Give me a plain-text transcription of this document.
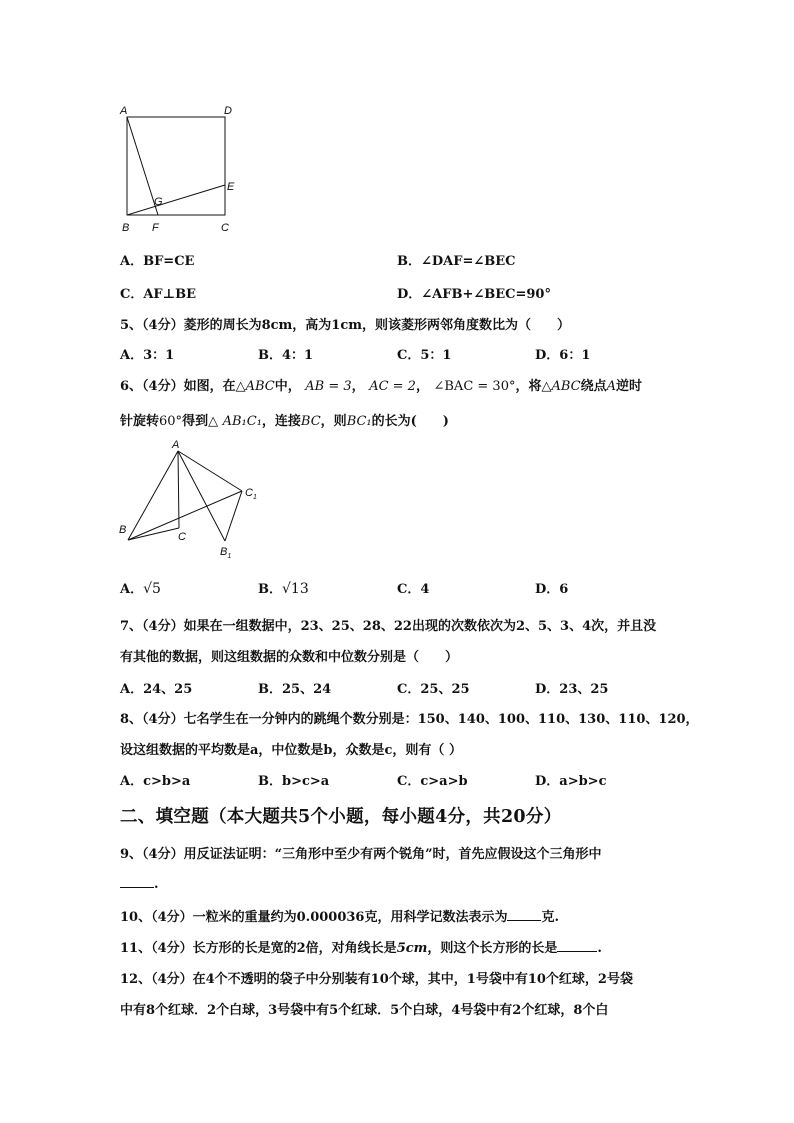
A	D
E
G
B F	C
A．BF=CE	B．∠DAF=∠BEC
C．AF⊥BE	D．∠AFB+∠BEC=90°
5、（4分）菱形的周长为8cm，高为1cm，则该菱形两邻角度数比为（　　）
A．3：1	B．4：1	C．5：1	D．6：1
6、（4分）如图，在△ABC中， AB = 3， AC = 2， ∠BAC = 30°，将△ABC绕点A逆时
针旋转60°得到△ AB₁C₁，连接BC，则BC₁的长为(　　)
A
$C_1$
B
C
$B_1$
A．√5	B．√13	C．4	D．6
7、（4分）如果在一组数据中，23、25、28、22出现的次数依次为2、5、3、4次，并且没
有其他的数据，则这组数据的众数和中位数分别是（　　）
A．24、25	B．25、24	C．25、25	D．23、25
8、（4分）七名学生在一分钟内的跳绳个数分别是：150、140、100、110、130、110、120，
设这组数据的平均数是a，中位数是b，众数是c，则有（ ）
A．c>b>a	B．b>c>a	C．c>a>b	D．a>b>c
二、填空题（本大题共5个小题，每小题4分，共20分）
9、（4分）用反证法证明：“三角形中至少有两个锐角”时，首先应假设这个三角形中
.
10、（4分）一粒米的重量约为0.000036克，用科学记数法表示为	克.
11、（4分）长方形的长是宽的2倍，对角线长是5cm，则这个长方形的长是	.
12、（4分）在4个不透明的袋子中分别装有10个球，其中，1号袋中有10个红球，2号袋
中有8个红球．2个白球，3号袋中有5个红球．5个白球，4号袋中有2个红球，8个白
